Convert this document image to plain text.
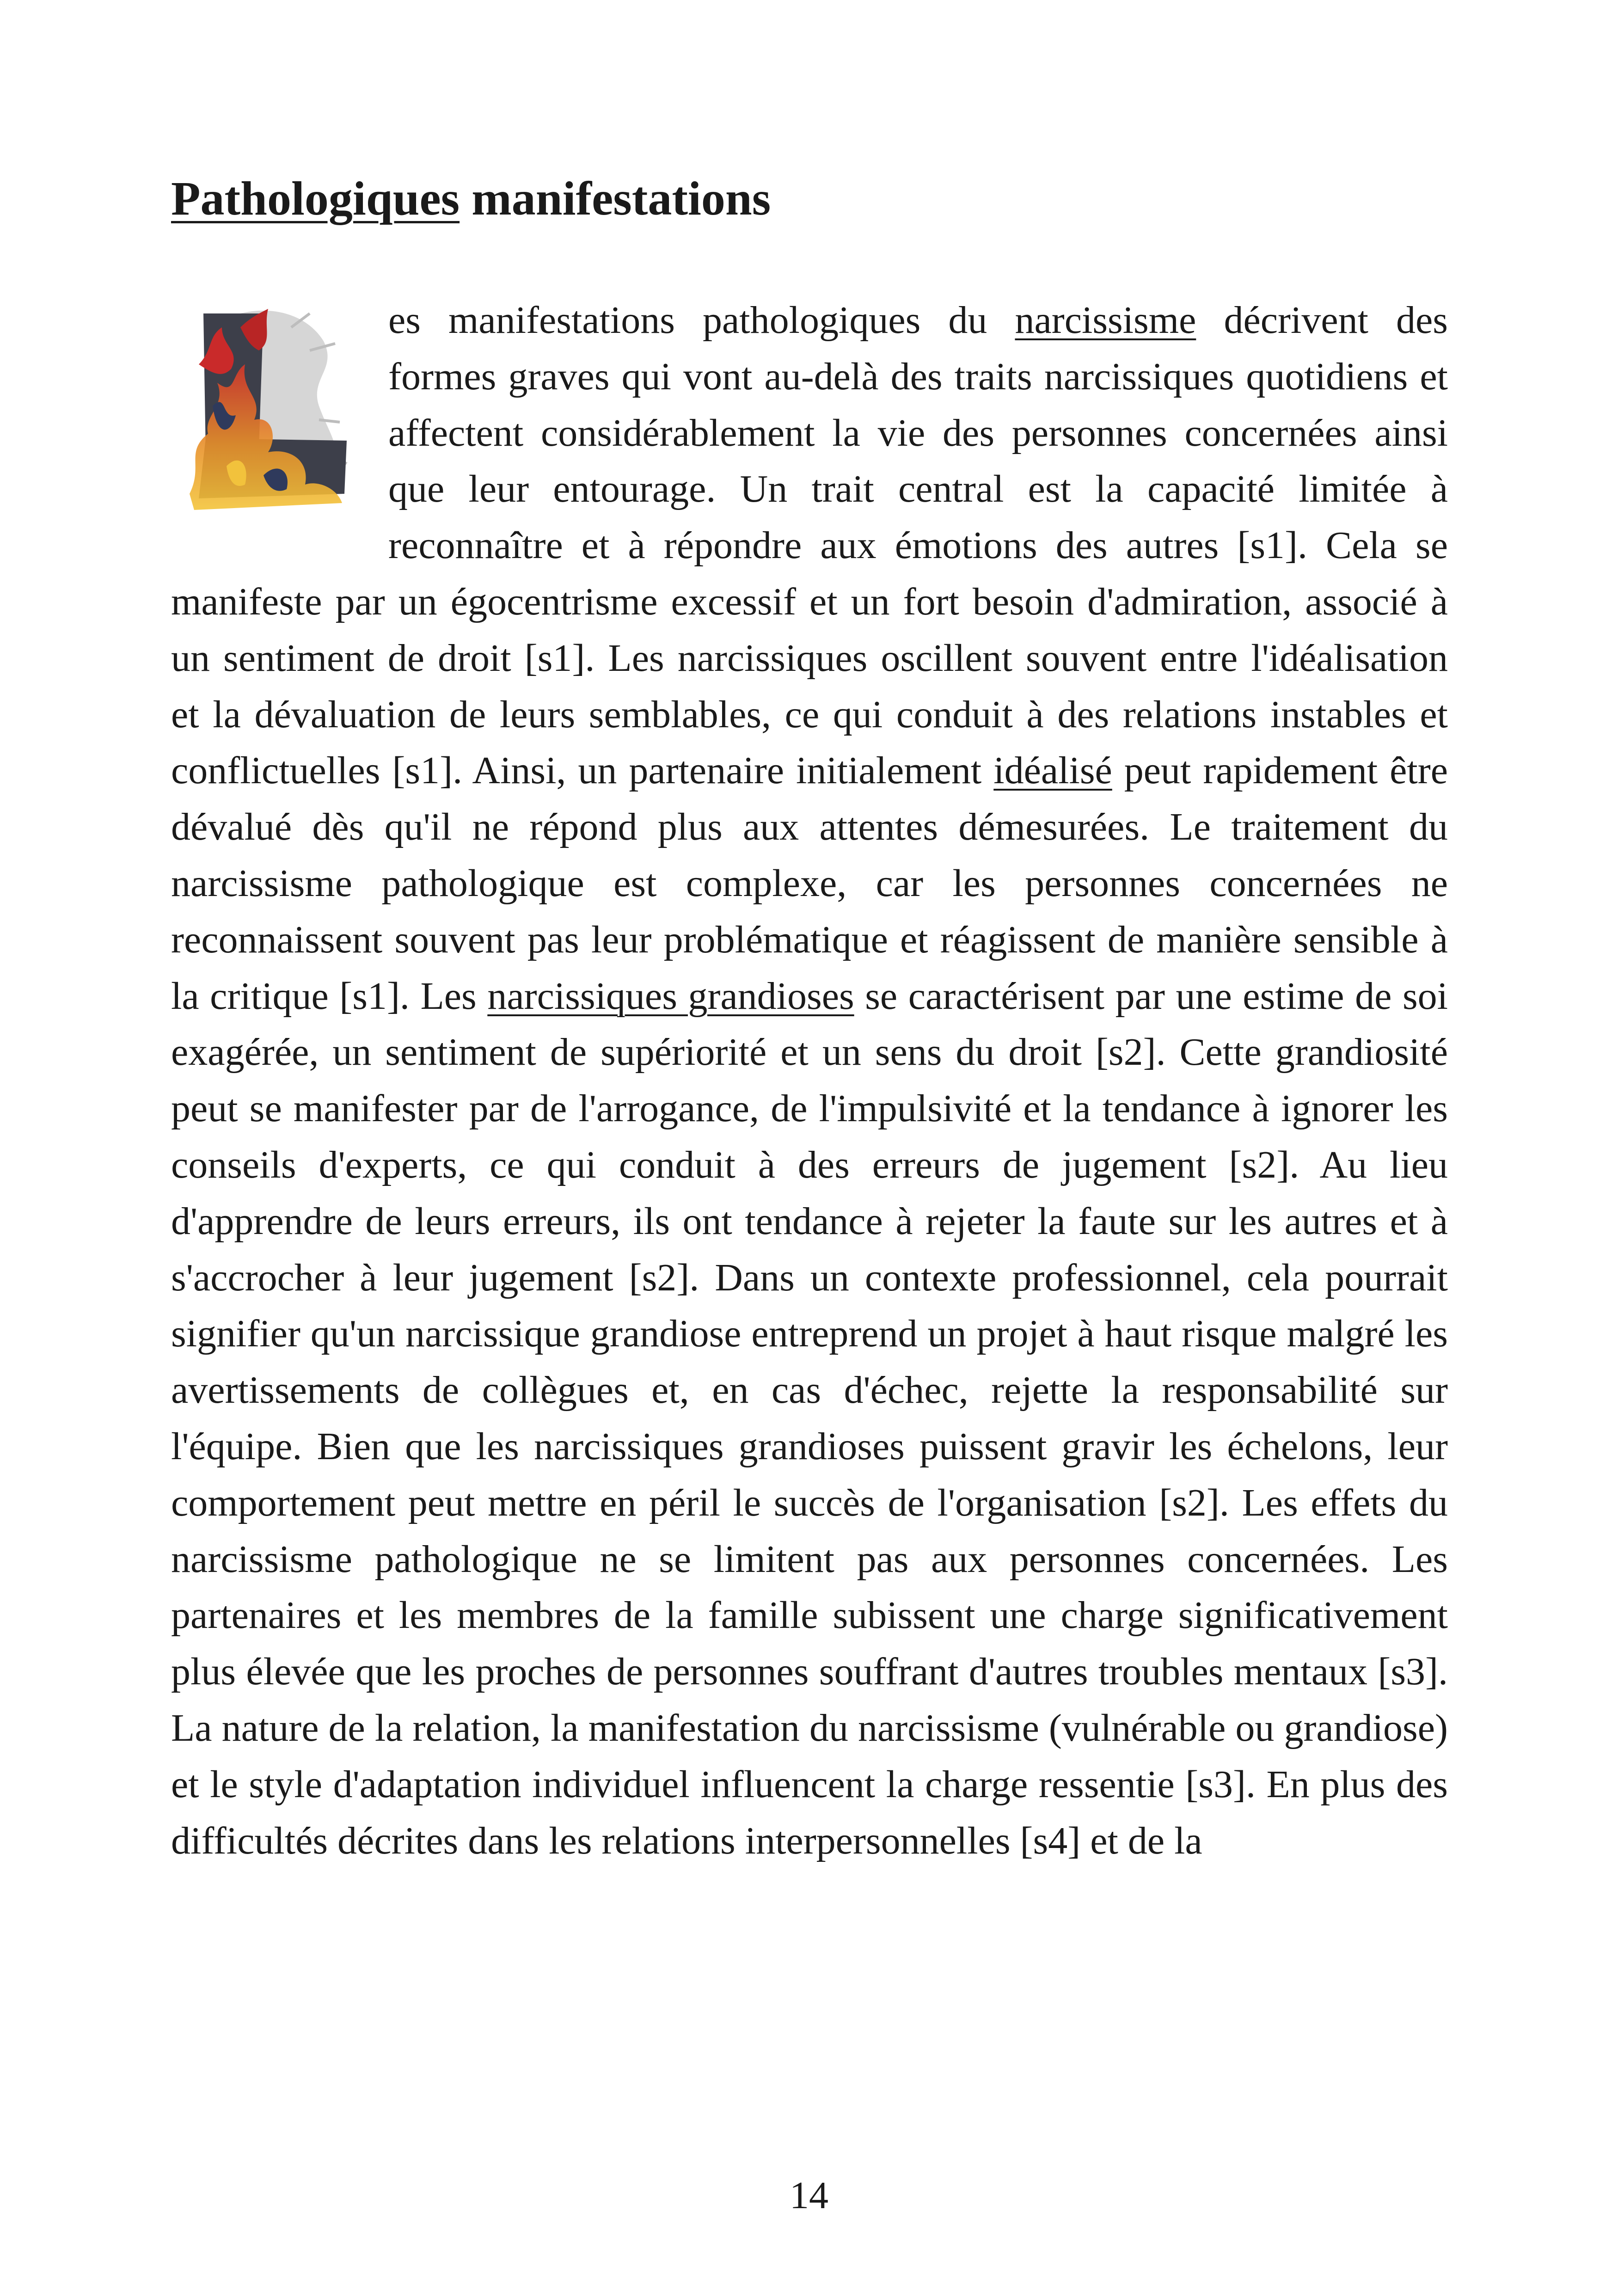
Pathologiques manifestations

es manifestations pathologiques du narcissisme décrivent des formes graves qui vont au-delà des traits narcissiques quotidiens et affectent considérablement la vie des personnes concernées ainsi que leur entourage. Un trait central est la capacité limitée à reconnaître et à répondre aux émotions des autres [s1]. Cela se manifeste par un égocentrisme excessif et un fort besoin d'admiration, associé à un sentiment de droit [s1]. Les narcissiques oscillent souvent entre l'idéalisation et la dévaluation de leurs semblables, ce qui conduit à des relations instables et conflictuelles [s1]. Ainsi, un partenaire initialement idéalisé peut rapidement être dévalué dès qu'il ne répond plus aux attentes démesurées. Le traitement du narcissisme pathologique est complexe, car les personnes concernées ne reconnaissent souvent pas leur problématique et réagissent de manière sensible à la critique [s1]. Les narcissiques grandioses se caractérisent par une estime de soi exagérée, un sentiment de supériorité et un sens du droit [s2]. Cette grandiosité peut se manifester par de l'arrogance, de l'impulsivité et la tendance à ignorer les conseils d'experts, ce qui conduit à des erreurs de jugement [s2]. Au lieu d'apprendre de leurs erreurs, ils ont tendance à rejeter la faute sur les autres et à s'accrocher à leur jugement [s2]. Dans un contexte professionnel, cela pourrait signifier qu'un narcissique grandiose entreprend un projet à haut risque malgré les avertissements de collègues et, en cas d'échec, rejette la responsabilité sur l'équipe. Bien que les narcissiques grandioses puissent gravir les échelons, leur comportement peut mettre en péril le succès de l'organisation [s2]. Les effets du narcissisme pathologique ne se limitent pas aux personnes concernées. Les partenaires et les membres de la famille subissent une charge significativement plus élevée que les proches de personnes souffrant d'autres troubles mentaux [s3]. La nature de la relation, la manifestation du narcissisme (vulnérable ou grandiose) et le style d'adaptation individuel influencent la charge ressentie [s3]. En plus des difficultés décrites dans les relations interpersonnelles [s4] et de la

14
